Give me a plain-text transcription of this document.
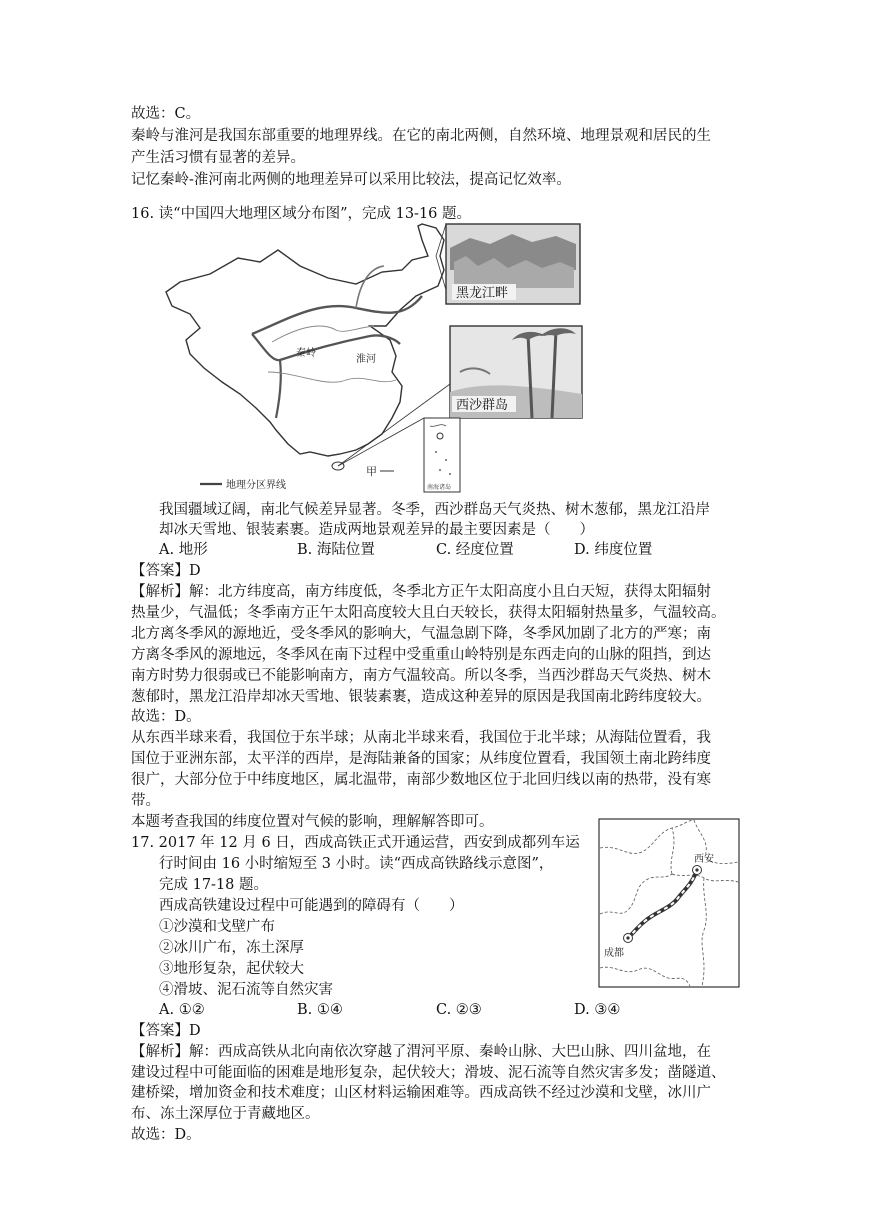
故选：C。
秦岭与淮河是我国东部重要的地理界线。在它的南北两侧，自然环境、地理景观和居民的生
产生活习惯有显著的差异。
记忆秦岭-淮河南北两侧的地理差异可以采用比较法，提高记忆效率。
16. 读“中国四大地理区域分布图”，完成 13-16 题。
秦岭
淮河
甲
地理分区界线
黑龙江畔
西沙群岛
南海诸岛
我国疆域辽阔，南北气候差异显著。冬季，西沙群岛天气炎热、树木葱郁，黑龙江沿岸
却冰天雪地、银装素裹。造成两地景观差异的最主要因素是（　　）
A. 地形	B. 海陆位置	C. 经度位置	D. 纬度位置
【答案】D
【解析】解：北方纬度高，南方纬度低，冬季北方正午太阳高度小且白天短，获得太阳辐射
热量少，气温低；冬季南方正午太阳高度较大且白天较长，获得太阳辐射热量多，气温较高。
北方离冬季风的源地近，受冬季风的影响大，气温急剧下降，冬季风加剧了北方的严寒；南
方离冬季风的源地远，冬季风在南下过程中受重重山岭特别是东西走向的山脉的阻挡，到达
南方时势力很弱或已不能影响南方，南方气温较高。所以冬季，当西沙群岛天气炎热、树木
葱郁时，黑龙江沿岸却冰天雪地、银装素裹，造成这种差异的原因是我国南北跨纬度较大。
故选：D。
从东西半球来看，我国位于东半球；从南北半球来看，我国位于北半球；从海陆位置看，我
国位于亚洲东部，太平洋的西岸，是海陆兼备的国家；从纬度位置看，我国领土南北跨纬度
很广，大部分位于中纬度地区，属北温带，南部少数地区位于北回归线以南的热带，没有寒
带。
本题考查我国的纬度位置对气候的影响，理解解答即可。
17. 2017 年 12 月 6 日，西成高铁正式开通运营，西安到成都列车运
行时间由 16 小时缩短至 3 小时。读“西成高铁路线示意图”，
完成 17-18 题。
西成高铁建设过程中可能遇到的障碍有（　　）
①沙漠和戈壁广布
②冰川广布，冻土深厚
③地形复杂，起伏较大
④滑坡、泥石流等自然灾害
A. ①②	B. ①④	C. ②③	D. ③④
西安
成都
【答案】D
【解析】解：西成高铁从北向南依次穿越了渭河平原、秦岭山脉、大巴山脉、四川盆地，在
建设过程中可能面临的困难是地形复杂，起伏较大；滑坡、泥石流等自然灾害多发；凿隧道、
建桥梁，增加资金和技术难度；山区材料运输困难等。西成高铁不经过沙漠和戈壁，冰川广
布、冻土深厚位于青藏地区。
故选：D。
